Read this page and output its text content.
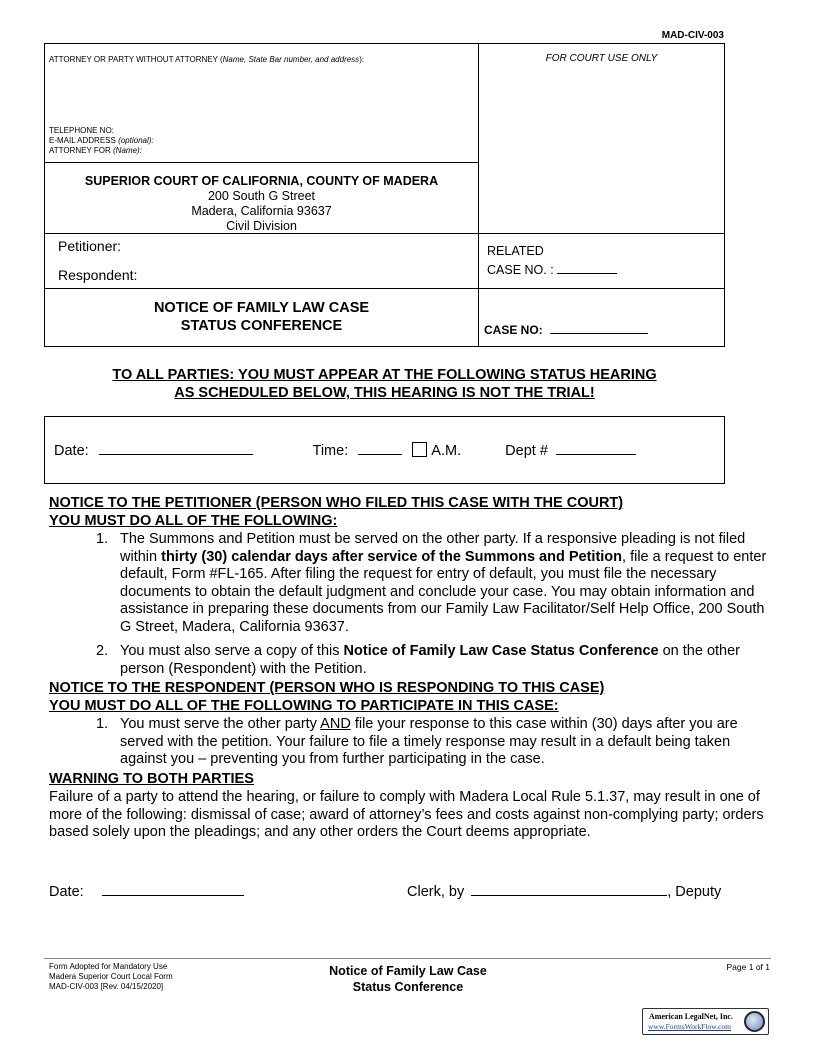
MAD-CIV-003
ATTORNEY OR PARTY WITHOUT ATTORNEY (Name, State Bar number, and address):	FOR COURT USE ONLY
TELEPHONE NO:
E-MAIL ADDRESS (optional):
ATTORNEY FOR (Name):
SUPERIOR COURT OF CALIFORNIA, COUNTY OF MADERA
200 South G Street
Madera, California 93637
Civil Division
Petitioner:
Respondent:
RELATED
CASE NO. :
NOTICE OF FAMILY LAW CASE
STATUS CONFERENCE	CASE NO:
TO ALL PARTIES: YOU MUST APPEAR AT THE FOLLOWING STATUS HEARING
AS SCHEDULED BELOW, THIS HEARING IS NOT THE TRIAL!
Date:	Time:	A.M.	Dept #
NOTICE TO THE PETITIONER (PERSON WHO FILED THIS CASE WITH THE COURT)
YOU MUST DO ALL OF THE FOLLOWING:
1. The Summons and Petition must be served on the other party. If a responsive pleading is not filed within thirty (30) calendar days after service of the Summons and Petition, file a request to enter default, Form #FL-165. After filing the request for entry of default, you must file the necessary documents to obtain the default judgment and conclude your case. You may obtain information and assistance in preparing these documents from our Family Law Facilitator/Self Help Office, 200 South G Street, Madera, California 93637.
2. You must also serve a copy of this Notice of Family Law Case Status Conference on the other person (Respondent) with the Petition.
NOTICE TO THE RESPONDENT (PERSON WHO IS RESPONDING TO THIS CASE)
YOU MUST DO ALL OF THE FOLLOWING TO PARTICIPATE IN THIS CASE:
1. You must serve the other party AND file your response to this case within (30) days after you are served with the petition. Your failure to file a timely response may result in a default being taken against you – preventing you from further participating in the case.
WARNING TO BOTH PARTIES
Failure of a party to attend the hearing, or failure to comply with Madera Local Rule 5.1.37, may result in one of more of the following: dismissal of case; award of attorney’s fees and costs against non-complying party; orders based solely upon the pleadings; and any other orders the Court deems appropriate.
Date:	Clerk, by	, Deputy
Form Adopted for Mandatory Use
Madera Superior Court Local Form
MAD-CIV-003 [Rev. 04/15/2020]
Notice of Family Law Case
Status Conference
Page 1 of 1
American LegalNet, Inc.
www.FormsWorkFlow.com
